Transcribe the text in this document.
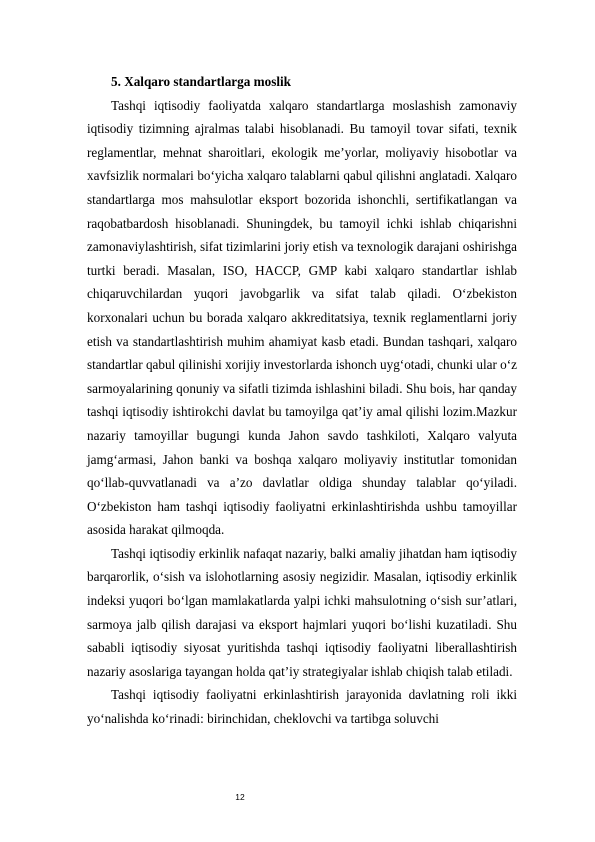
5. Xalqaro standartlarga moslik

Tashqi iqtisodiy faoliyatda xalqaro standartlarga moslashish zamonaviy iqtisodiy tizimning ajralmas talabi hisoblanadi. Bu tamoyil tovar sifati, texnik reglamentlar, mehnat sharoitlari, ekologik me’yorlar, moliyaviy hisobotlar va xavfsizlik normalari bo‘yicha xalqaro talablarni qabul qilishni anglatadi. Xalqaro standartlarga mos mahsulotlar eksport bozorida ishonchli, sertifikatlangan va raqobatbardosh hisoblanadi. Shuningdek, bu tamoyil ichki ishlab chiqarishni zamonaviylashtirish, sifat tizimlarini joriy etish va texnologik darajani oshirishga turtki beradi. Masalan, ISO, HACCP, GMP kabi xalqaro standartlar ishlab chiqaruvchilardan yuqori javobgarlik va sifat talab qiladi. O‘zbekiston korxonalari uchun bu borada xalqaro akkreditatsiya, texnik reglamentlarni joriy etish va standartlashtirish muhim ahamiyat kasb etadi. Bundan tashqari, xalqaro standartlar qabul qilinishi xorijiy investorlarda ishonch uyg‘otadi, chunki ular o‘z sarmoyalarining qonuniy va sifatli tizimda ishlashini biladi. Shu bois, har qanday tashqi iqtisodiy ishtirokchi davlat bu tamoyilga qat’iy amal qilishi lozim.Mazkur nazariy tamoyillar bugungi kunda Jahon savdo tashkiloti, Xalqaro valyuta jamg‘armasi, Jahon banki va boshqa xalqaro moliyaviy institutlar tomonidan qo‘llab-quvvatlanadi va a’zo davlatlar oldiga shunday talablar qo‘yiladi. O‘zbekiston ham tashqi iqtisodiy faoliyatni erkinlashtirishda ushbu tamoyillar asosida harakat qilmoqda.

Tashqi iqtisodiy erkinlik nafaqat nazariy, balki amaliy jihatdan ham iqtisodiy barqarorlik, o‘sish va islohotlarning asosiy negizidir. Masalan, iqtisodiy erkinlik indeksi yuqori bo‘lgan mamlakatlarda yalpi ichki mahsulotning o‘sish sur’atlari, sarmoya jalb qilish darajasi va eksport hajmlari yuqori bo‘lishi kuzatiladi. Shu sababli iqtisodiy siyosat yuritishda tashqi iqtisodiy faoliyatni liberallashtirish nazariy asoslariga tayangan holda qat’iy strategiyalar ishlab chiqish talab etiladi.

Tashqi iqtisodiy faoliyatni erkinlashtirish jarayonida davlatning roli ikki yo‘nalishda ko‘rinadi: birinchidan, cheklovchi va tartibga soluvchi

12
